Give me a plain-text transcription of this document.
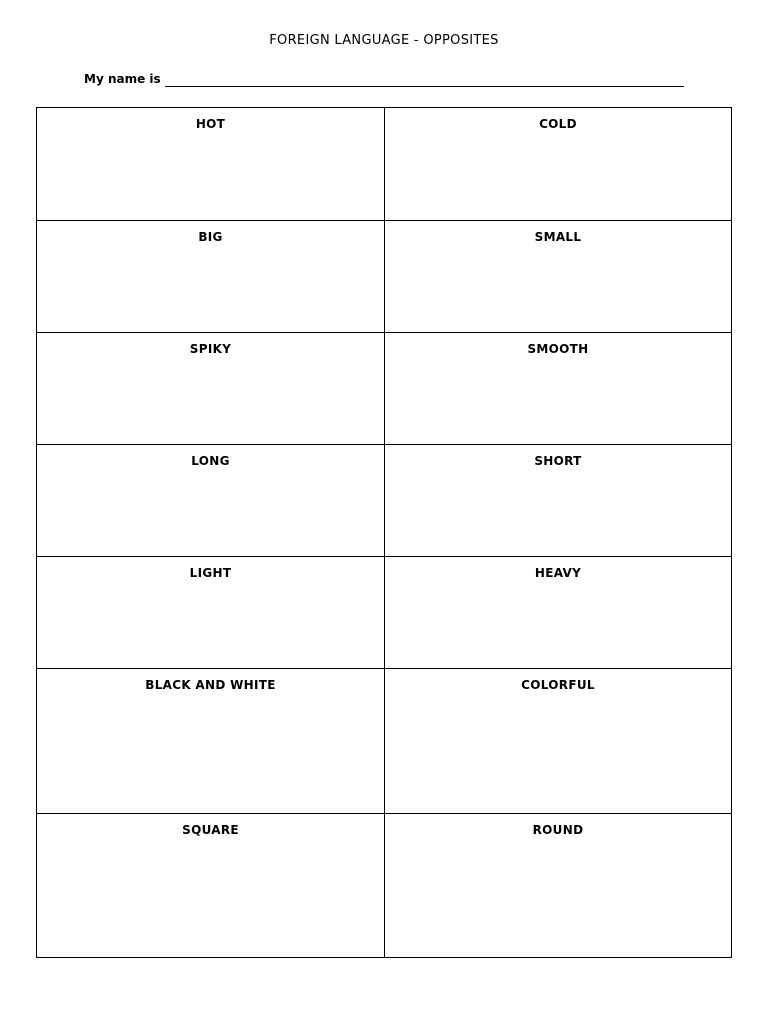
FOREIGN LANGUAGE - OPPOSITES
My name is
HOT	COLD
BIG	SMALL
SPIKY	SMOOTH
LONG	SHORT
LIGHT	HEAVY
BLACK AND WHITE	COLORFUL
SQUARE	ROUND
